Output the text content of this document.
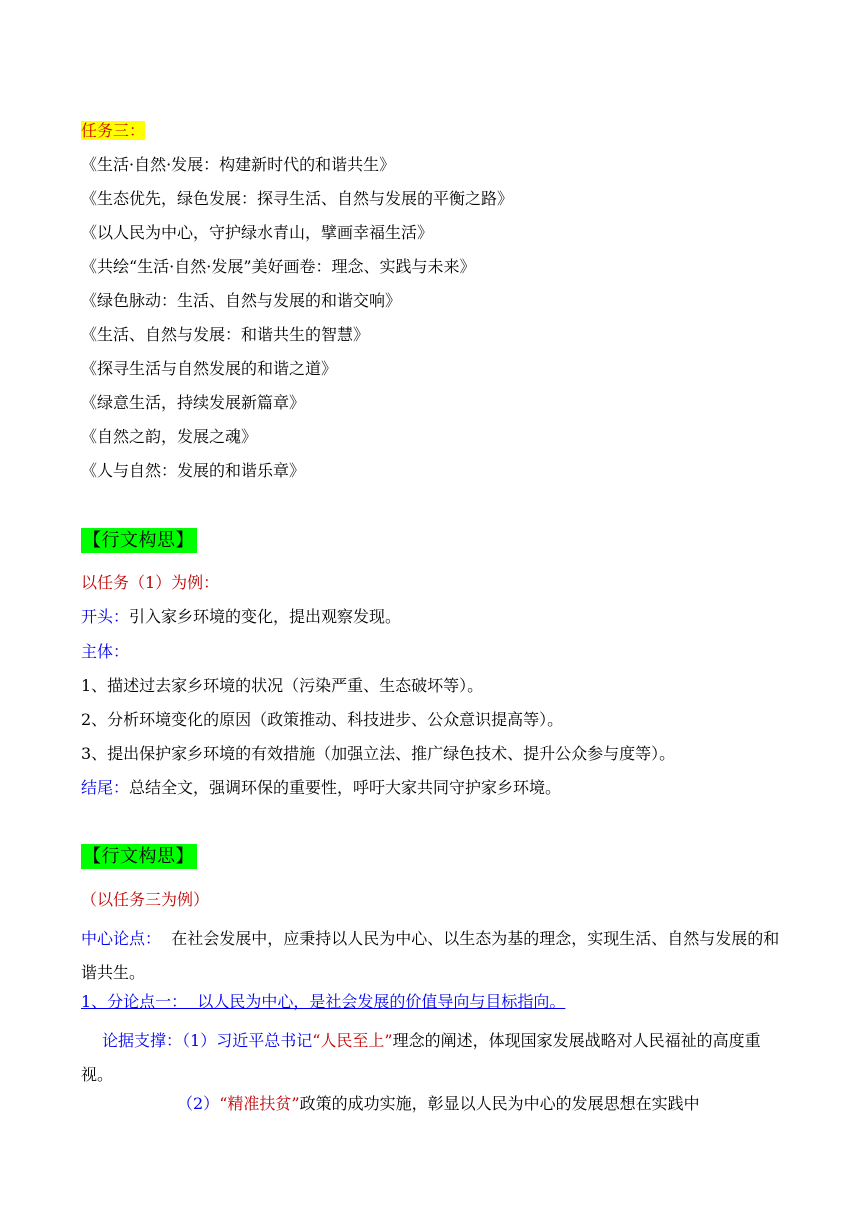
任务三：
《生活·自然·发展：构建新时代的和谐共生》
《生态优先，绿色发展：探寻生活、自然与发展的平衡之路》
《以人民为中心，守护绿水青山，擘画幸福生活》
《共绘“生活·自然·发展”美好画卷：理念、实践与未来》
《绿色脉动：生活、自然与发展的和谐交响》
《生活、自然与发展：和谐共生的智慧》
《探寻生活与自然发展的和谐之道》
《绿意生活，持续发展新篇章》
《自然之韵，发展之魂》
《人与自然：发展的和谐乐章》
【行文构思】
以任务（1）为例：
开头：引入家乡环境的变化，提出观察发现。
主体：
1、描述过去家乡环境的状况（污染严重、生态破坏等）。
2、分析环境变化的原因（政策推动、科技进步、公众意识提高等）。
3、提出保护家乡环境的有效措施（加强立法、推广绿色技术、提升公众参与度等）。
结尾：总结全文，强调环保的重要性，呼吁大家共同守护家乡环境。
【行文构思】
（以任务三为例）
中心论点：  在社会发展中，应秉持以人民为中心、以生态为基的理念，实现生活、自然与发展的和谐共生。
1、分论点一：  以人民为中心，是社会发展的价值导向与目标指向。
论据支撑：（1）习近平总书记“人民至上”理念的阐述，体现国家发展战略对人民福祉的高度重视。
（2）“精准扶贫”政策的成功实施，彰显以人民为中心的发展思想在实践中
